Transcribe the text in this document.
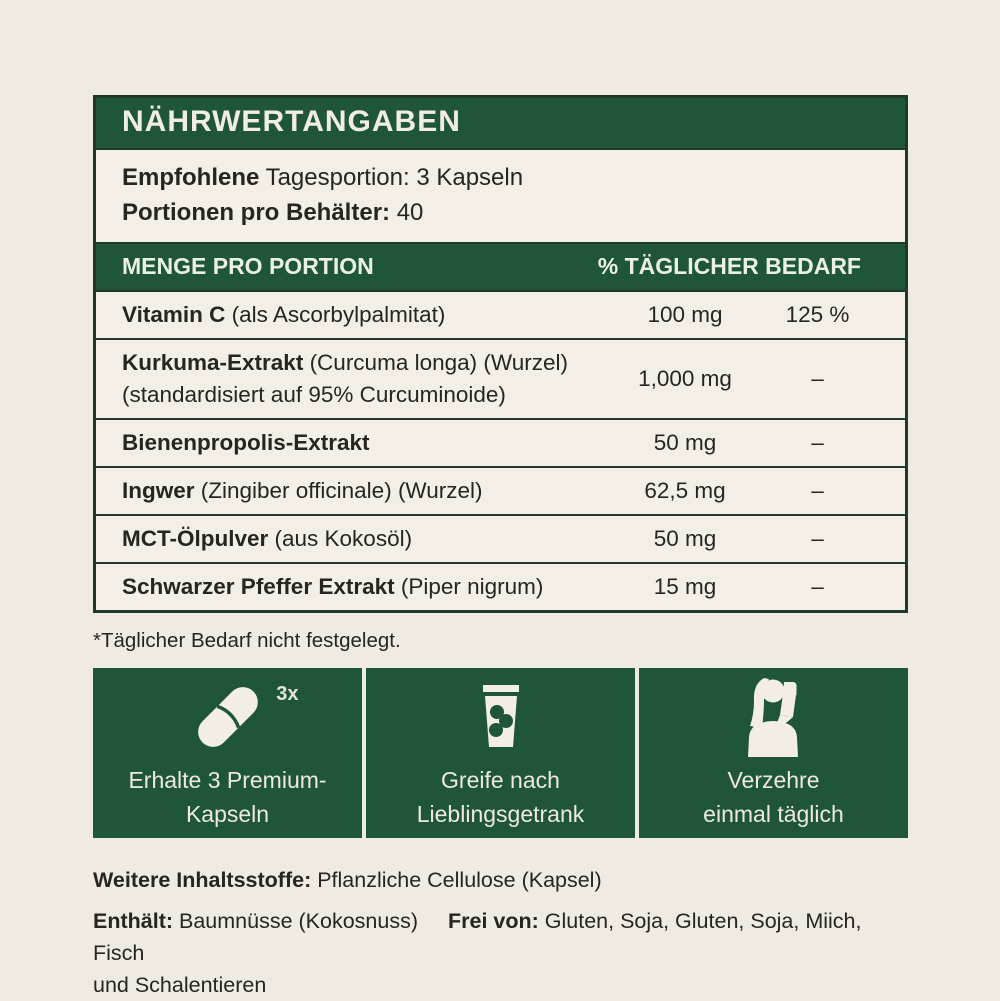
NÄHRWERTANGABEN
Empfohlene Tagesportion: 3 Kapseln
Portionen pro Behälter: 40
MENGE PRO PORTION	% TÄGLICHER BEDARF
Vitamin C (als Ascorbylpalmitat)	100 mg	125 %
Kurkuma-Extrakt (Curcuma longa) (Wurzel)
(standardisiert auf 95% Curcuminoide)
1,000 mg	–
Bienenpropolis-Extrakt	50 mg	–
Ingwer (Zingiber officinale) (Wurzel)	62,5 mg	–
MCT-Ölpulver (aus Kokosöl)	50 mg	–
Schwarzer Pfeffer Extrakt (Piper nigrum)	15 mg	–
*Täglicher Bedarf nicht festgelegt.
3x
Erhalte 3 Premium-
Kapseln
Greife nach
Lieblingsgetrank
Verzehre
einmal täglich

Weitere Inhaltsstoffe: Pflanzliche Cellulose (Kapsel)

Enthält: Baumnüsse (Kokosnuss) Frei von: Gluten, Soja, Gluten, Soja, Miich, Fisch
und Schalentieren
